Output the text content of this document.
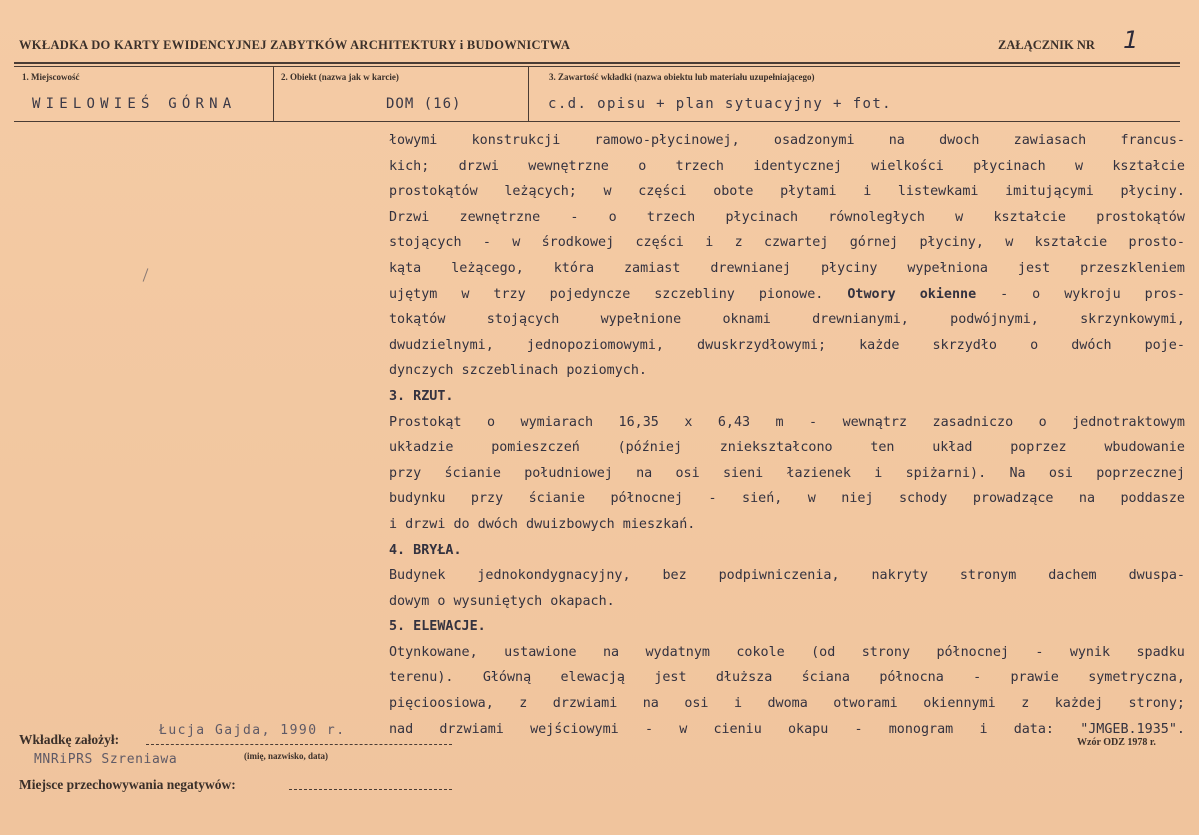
WKŁADKA DO KARTY EWIDENCYJNEJ ZABYTKÓW ARCHITEKTURY i BUDOWNICTWA	ZAŁĄCZNIK NR 1
1. Miejscowość	2. Obiekt (nazwa jak w karcie)	3. Zawartość wkładki (nazwa obiektu lub materiału uzupełniającego)
WIELOWIEŚ GÓRNA	DOM (16)	c.d. opisu + plan sytuacyjny + fot.
łowymi	konstrukcji	ramowo-płycinowej,	osadzonymi	na	dwoch	zawiasach	francus-
kich; drzwi wewnętrzne o trzech identycznej wielkości płycinach w kształcie
prostokątów leżących; w części obote płytami i listewkami imitującymi płyciny.
Drzwi zewnętrzne - o trzech płycinach równoległych w kształcie prostokątów
stojących - w środkowej części i z czwartej górnej płyciny, w kształcie prosto-
kąta leżącego, która zamiast drewnianej płyciny wypełniona jest przeszkleniem
ujętym w trzy pojedyncze szczebliny pionowe. Otwory okienne - o wykroju pros-
tokątów	stojących	wypełnione	oknami	drewnianymi,	podwójnymi,	skrzynkowymi,
dwudzielnymi, jednopoziomowymi, dwuskrzydłowymi; każde skrzydło o dwóch poje-
dynczych szczeblinach poziomych.
3. RZUT.
Prostokąt o wymiarach 16,35 x 6,43 m - wewnątrz zasadniczo o jednotraktowym
układzie	pomieszczeń	(później	zniekształcono	ten	układ	poprzez	wbudowanie
przy ścianie południowej na osi sieni łazienek i spiżarni). Na osi poprzecznej
budynku przy ścianie północnej - sień, w niej schody prowadzące na poddasze
i drzwi do dwóch dwuizbowych mieszkań.
4. BRYŁA.
Budynek jednokondygnacyjny, bez podpiwniczenia, nakryty stronym dachem dwuspa-
dowym o wysuniętych okapach.
5. ELEWACJE.
Otynkowane, ustawione na wydatnym cokole (od strony północnej - wynik spadku
terenu). Główną elewacją jest dłuższa ściana północna - prawie symetryczna,
pięcioosiowa, z drzwiami na osi i dwoma otworami okiennymi z każdej strony;
nad drzwiami wejściowymi - w cieniu okapu - monogram i data: "JMGEB.1935".
Wkładkę założył:
Łucja Gajda, 1990 r.
(imię, nazwisko, data)
MNRiPRS Szreniawa
Miejsce przechowywania negatywów:
Wzór ODZ 1978 r.
